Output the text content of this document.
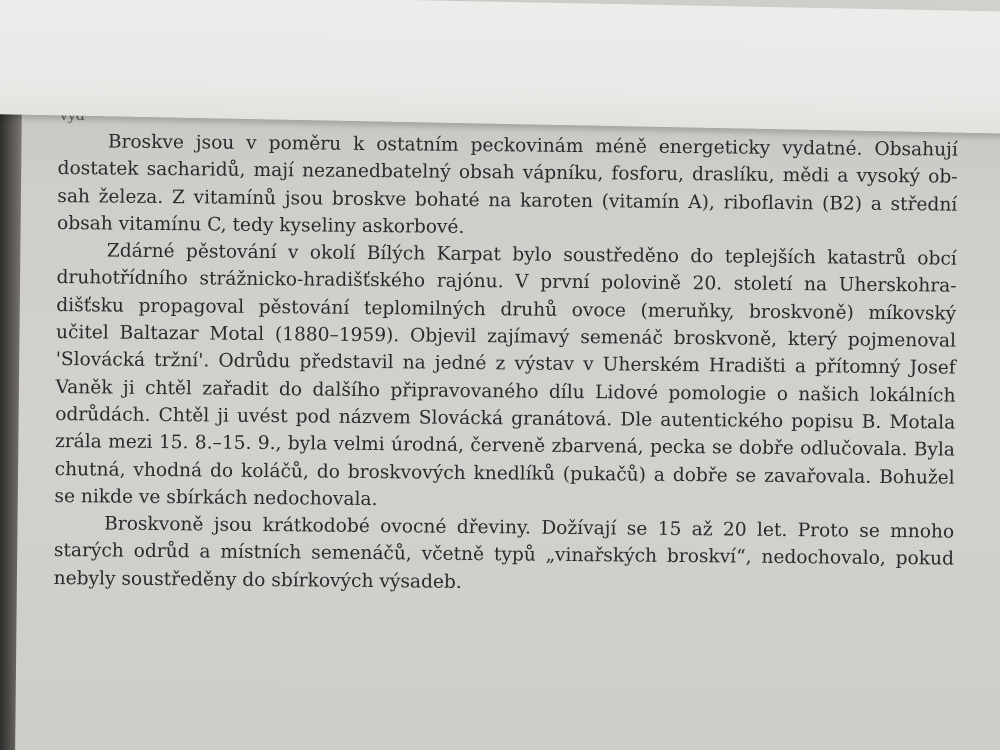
vyd
Broskve jsou v poměru k ostatním peckovinám méně energeticky vydatné. Obsahují
dostatek sacharidů, mají nezanedbatelný obsah vápníku, fosforu, draslíku, mědi a vysoký ob-
sah železa. Z vitamínů jsou broskve bohaté na karoten (vitamín A), riboflavin (B2) a střední
obsah vitamínu C, tedy kyseliny askorbové.
Zdárné pěstování v okolí Bílých Karpat bylo soustředěno do teplejších katastrů obcí
druhotřídního strážnicko-hradišťského rajónu. V první polovině 20. století na Uherskohra-
dišťsku propagoval pěstování teplomilných druhů ovoce (meruňky, broskvoně) míkovský
učitel Baltazar Motal (1880–1959). Objevil zajímavý semenáč broskvoně, který pojmenoval
'Slovácká tržní'. Odrůdu představil na jedné z výstav v Uherském Hradišti a přítomný Josef
Vaněk ji chtěl zařadit do dalšího připravovaného dílu Lidové pomologie o našich lokálních
odrůdách. Chtěl ji uvést pod názvem Slovácká granátová. Dle autentického popisu B. Motala
zrála mezi 15. 8.–15. 9., byla velmi úrodná, červeně zbarvená, pecka se dobře odlučovala. Byla
chutná, vhodná do koláčů, do broskvových knedlíků (pukačů) a dobře se zavařovala. Bohužel
se nikde ve sbírkách nedochovala.
Broskvoně jsou krátkodobé ovocné dřeviny. Dožívají se 15 až 20 let. Proto se mnoho
starých odrůd a místních semenáčů, včetně typů „vinařských broskví“, nedochovalo, pokud
nebyly soustředěny do sbírkových výsadeb.
